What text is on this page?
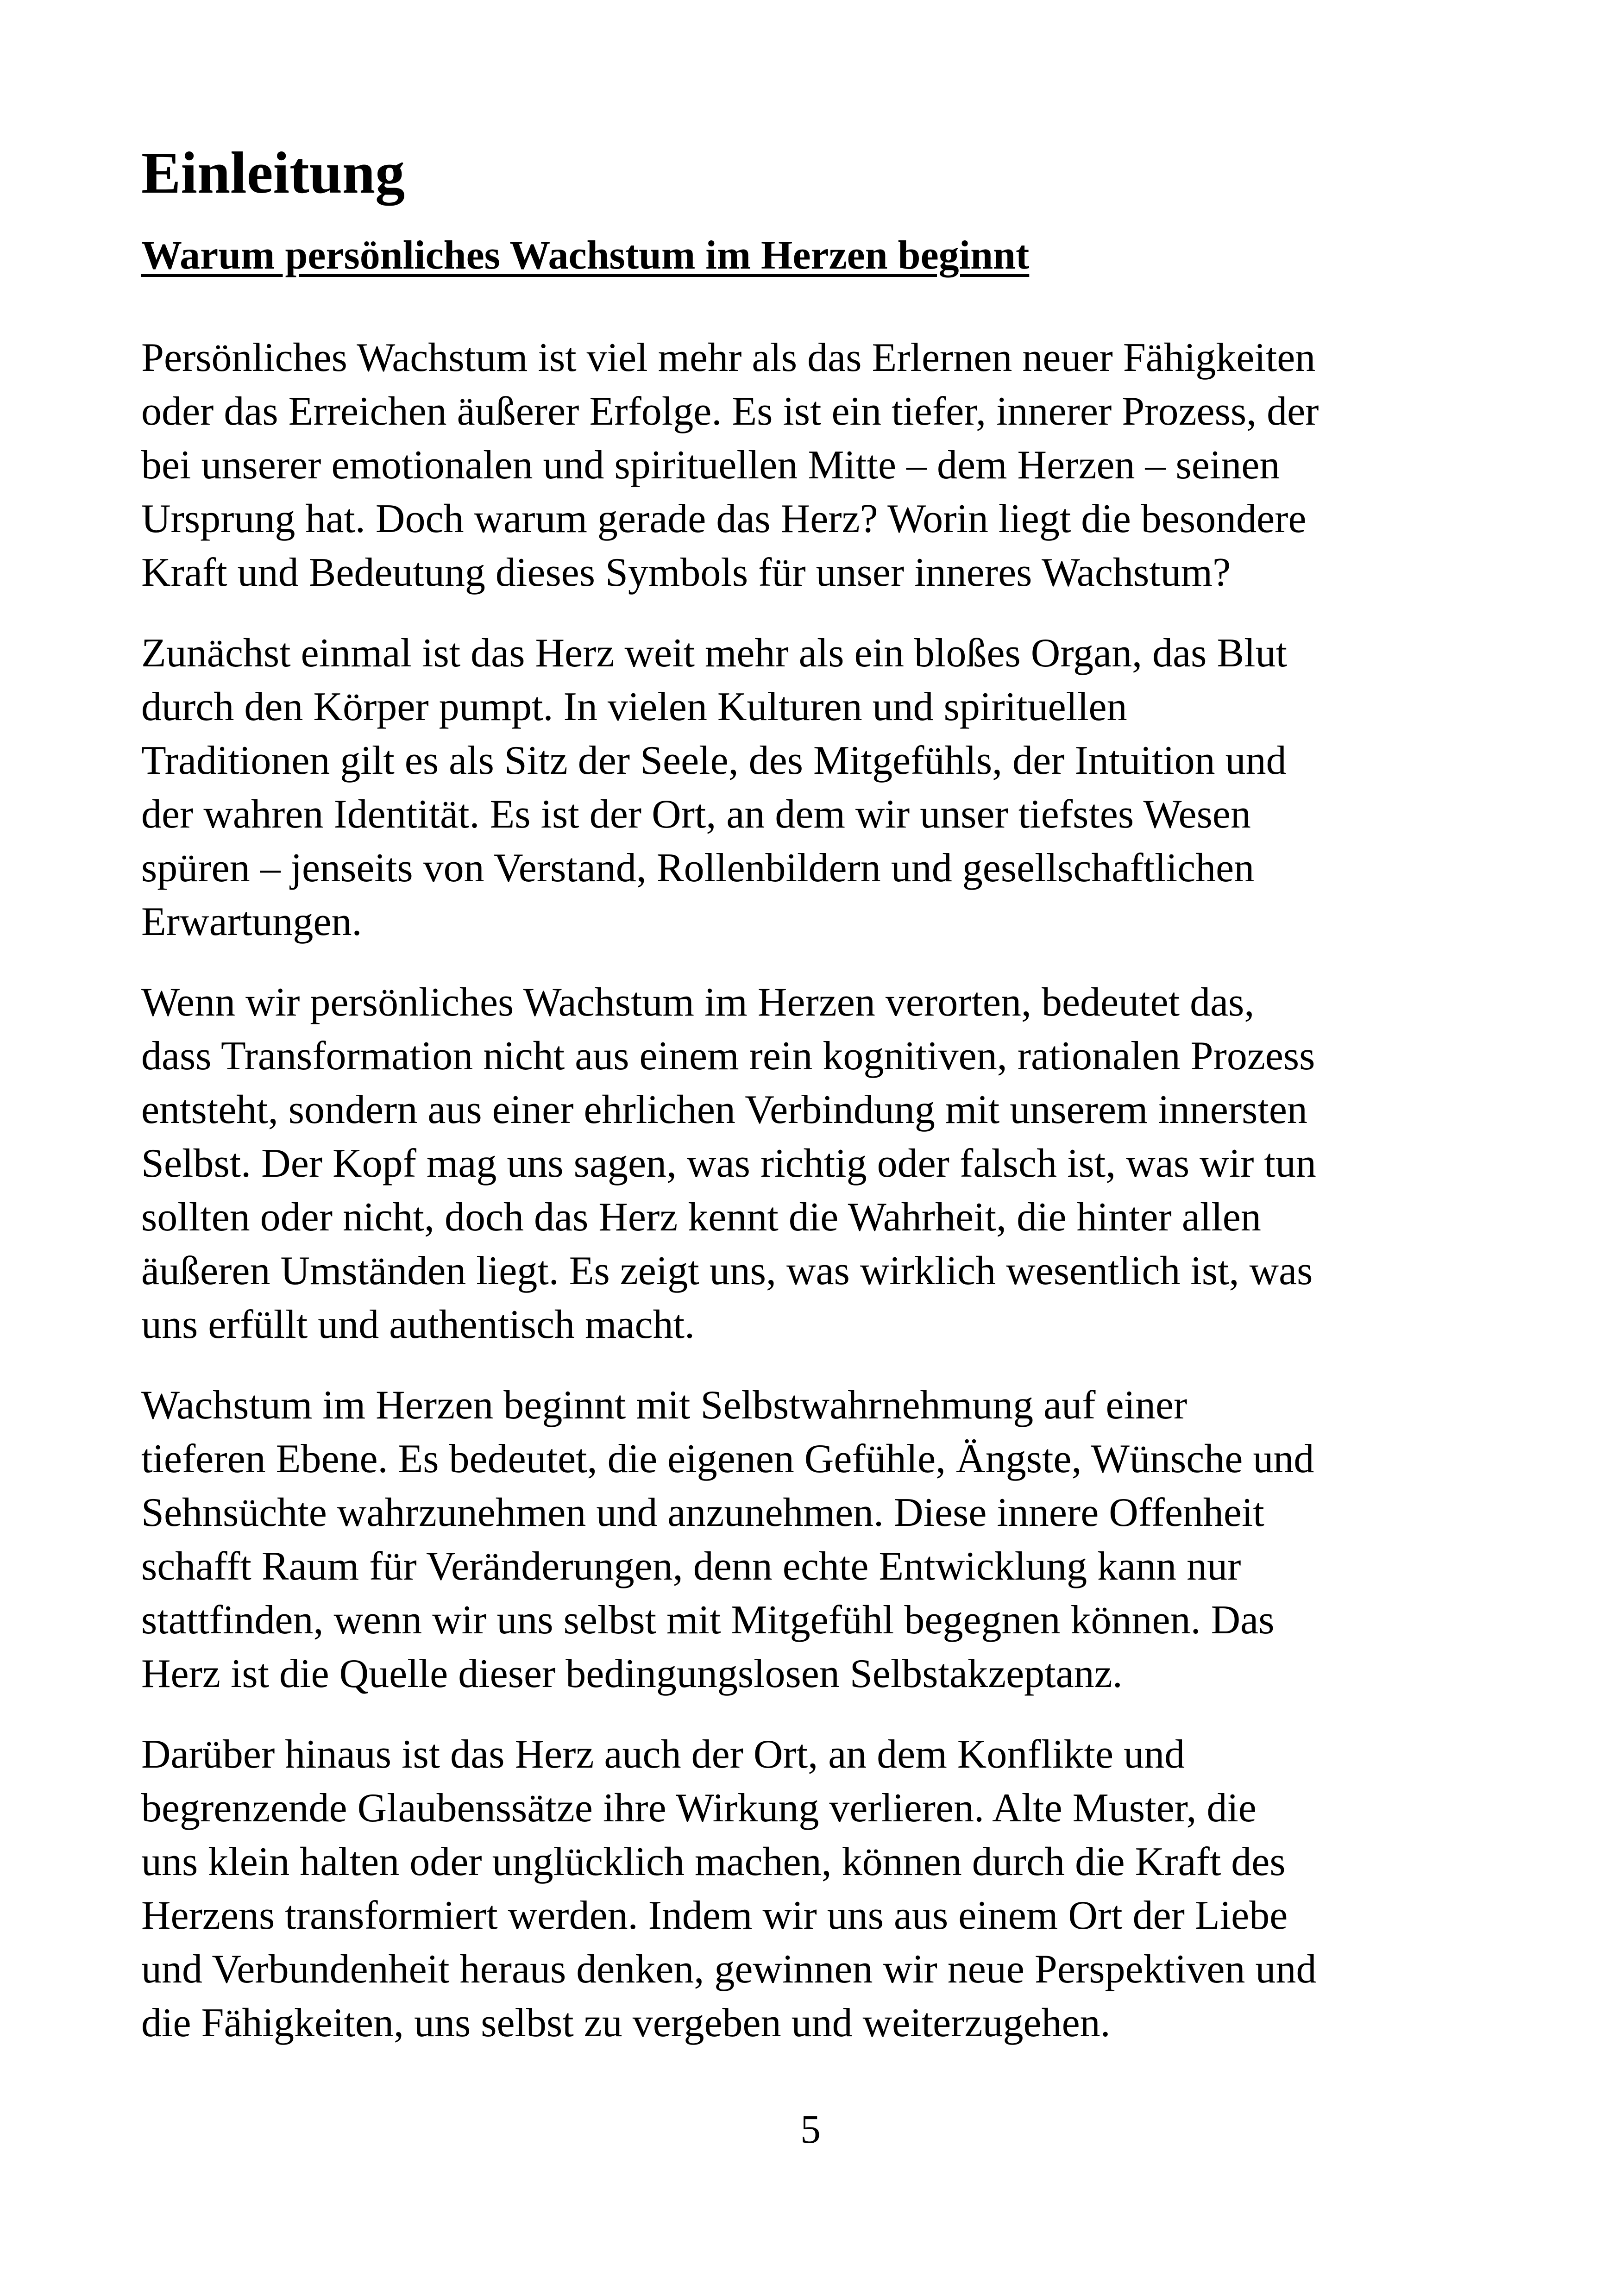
Einleitung
Warum persönliches Wachstum im Herzen beginnt

Persönliches Wachstum ist viel mehr als das Erlernen neuer Fähigkeiten
oder das Erreichen äußerer Erfolge. Es ist ein tiefer, innerer Prozess, der
bei unserer emotionalen und spirituellen Mitte – dem Herzen – seinen
Ursprung hat. Doch warum gerade das Herz? Worin liegt die besondere
Kraft und Bedeutung dieses Symbols für unser inneres Wachstum?

Zunächst einmal ist das Herz weit mehr als ein bloßes Organ, das Blut
durch den Körper pumpt. In vielen Kulturen und spirituellen
Traditionen gilt es als Sitz der Seele, des Mitgefühls, der Intuition und
der wahren Identität. Es ist der Ort, an dem wir unser tiefstes Wesen
spüren – jenseits von Verstand, Rollenbildern und gesellschaftlichen
Erwartungen.

Wenn wir persönliches Wachstum im Herzen verorten, bedeutet das,
dass Transformation nicht aus einem rein kognitiven, rationalen Prozess
entsteht, sondern aus einer ehrlichen Verbindung mit unserem innersten
Selbst. Der Kopf mag uns sagen, was richtig oder falsch ist, was wir tun
sollten oder nicht, doch das Herz kennt die Wahrheit, die hinter allen
äußeren Umständen liegt. Es zeigt uns, was wirklich wesentlich ist, was
uns erfüllt und authentisch macht.

Wachstum im Herzen beginnt mit Selbstwahrnehmung auf einer
tieferen Ebene. Es bedeutet, die eigenen Gefühle, Ängste, Wünsche und
Sehnsüchte wahrzunehmen und anzunehmen. Diese innere Offenheit
schafft Raum für Veränderungen, denn echte Entwicklung kann nur
stattfinden, wenn wir uns selbst mit Mitgefühl begegnen können. Das
Herz ist die Quelle dieser bedingungslosen Selbstakzeptanz.

Darüber hinaus ist das Herz auch der Ort, an dem Konflikte und
begrenzende Glaubenssätze ihre Wirkung verlieren. Alte Muster, die
uns klein halten oder unglücklich machen, können durch die Kraft des
Herzens transformiert werden. Indem wir uns aus einem Ort der Liebe
und Verbundenheit heraus denken, gewinnen wir neue Perspektiven und
die Fähigkeiten, uns selbst zu vergeben und weiterzugehen.

5
